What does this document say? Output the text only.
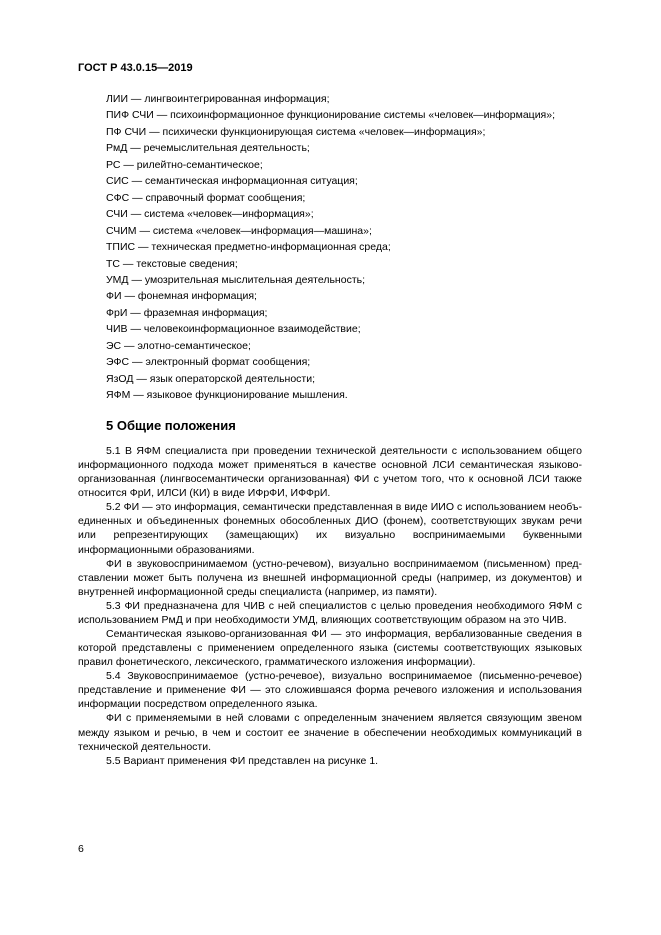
ГОСТ Р 43.0.15—2019
ЛИИ — лингвоинтегрированная информация;
ПИФ СЧИ — психоинформационное функционирование системы «человек—информация»;
ПФ СЧИ — психически функционирующая система «человек—информация»;
РмД — речемыслительная деятельность;
РС — рилейтно-семантическое;
СИС — семантическая информационная ситуация;
СФС — справочный формат сообщения;
СЧИ — система «человек—информация»;
СЧИМ — система «человек—информация—машина»;
ТПИС — техническая предметно-информационная среда;
ТС — текстовые сведения;
УМД — умозрительная мыслительная деятельность;
ФИ — фонемная информация;
ФрИ — фраземная информация;
ЧИВ — человекоинформационное взаимодействие;
ЭС — элотно-семантическое;
ЭФС — электронный формат сообщения;
ЯзОД — язык операторской деятельности;
ЯФМ — языковое функционирование мышления.
5 Общие положения

5.1 В ЯФМ специалиста при проведении технической деятельности с использованием общего информационного подхода может применяться в качестве основной ЛСИ семантическая языково-организованная (лингвосемантически организованная) ФИ с учетом того, что к основной ЛСИ также относится ФрИ, ИЛСИ (КИ) в виде ИФрФИ, ИФФрИ.

5.2 ФИ — это информация, семантически представленная в виде ИИО с использованием необъединенных и объединенных фонемных обособленных ДИО (фонем), соответствующих звукам речи или репрезентирующих (замещающих) их визуально воспринимаемыми буквенными информационными образованиями.

ФИ в звуковоспринимаемом (устно-речевом), визуально воспринимаемом (письменном) представлении может быть получена из внешней информационной среды (например, из документов) и внутренней информационной среды специалиста (например, из памяти).

5.3 ФИ предназначена для ЧИВ с ней специалистов с целью проведения необходимого ЯФМ с использованием РмД и при необходимости УМД, влияющих соответствующим образом на это ЧИВ.

Семантическая языково-организованная ФИ — это информация, вербализованные сведения в которой представлены с применением определенного языка (системы соответствующих языковых правил фонетического, лексического, грамматического изложения информации).

5.4 Звуковоспринимаемое (устно-речевое), визуально воспринимаемое (письменно-речевое) представление и применение ФИ — это сложившаяся форма речевого изложения и использования информации посредством определенного языка.

ФИ с применяемыми в ней словами с определенным значением является связующим звеном между языком и речью, в чем и состоит ее значение в обеспечении необходимых коммуникаций в технической деятельности.

5.5 Вариант применения ФИ представлен на рисунке 1.

6
